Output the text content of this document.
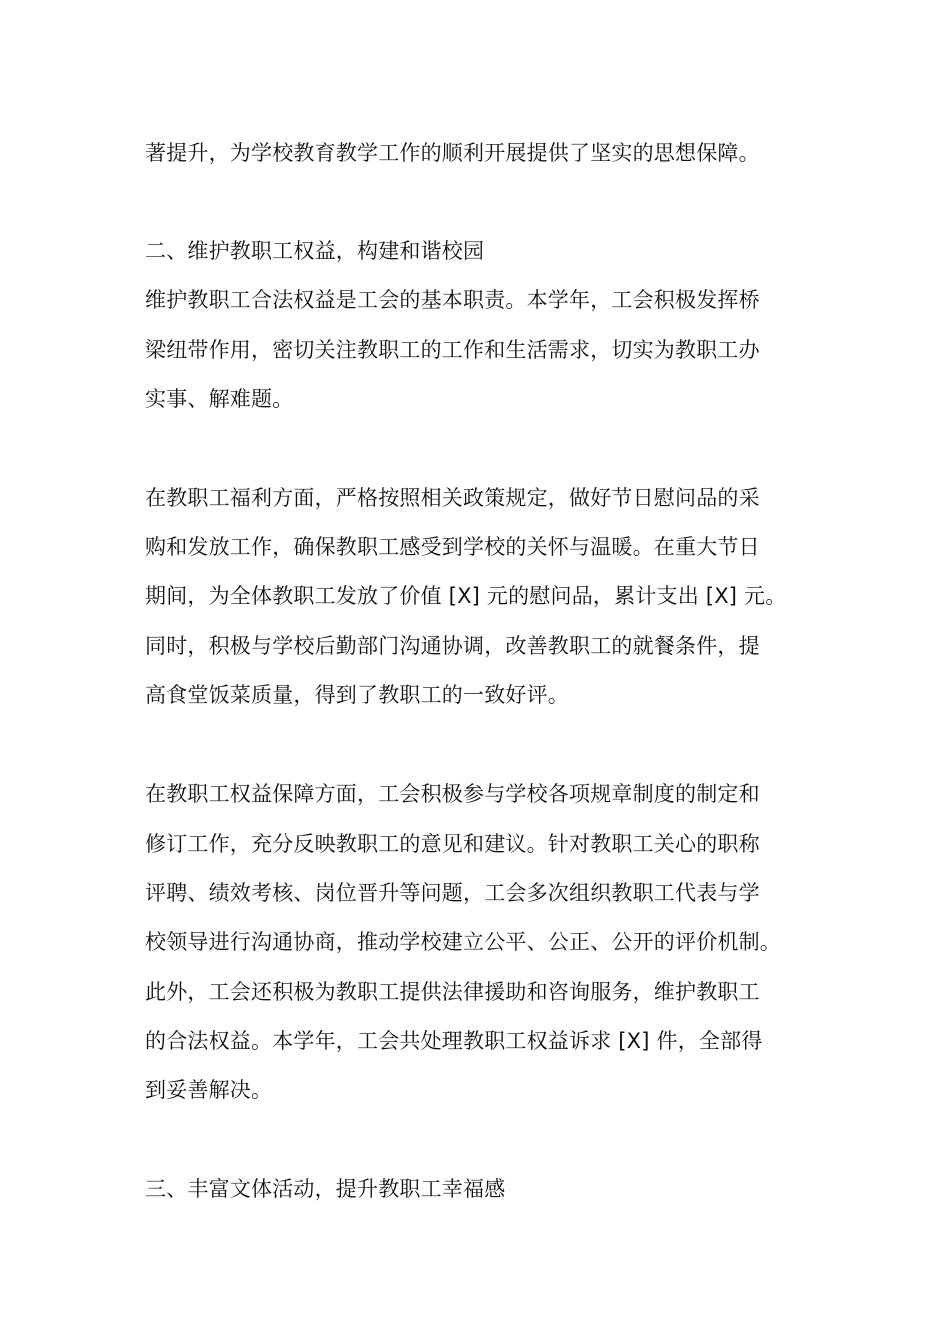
著提升，为学校教育教学工作的顺利开展提供了坚实的思想保障。

二、维护教职工权益，构建和谐校园

维护教职工合法权益是工会的基本职责。本学年，工会积极发挥桥

梁纽带作用，密切关注教职工的工作和生活需求，切实为教职工办

实事、解难题。

在教职工福利方面，严格按照相关政策规定，做好节日慰问品的采

购和发放工作，确保教职工感受到学校的关怀与温暖。在重大节日

期间，为全体教职工发放了价值 [X] 元的慰问品，累计支出 [X] 元。

同时，积极与学校后勤部门沟通协调，改善教职工的就餐条件，提

高食堂饭菜质量，得到了教职工的一致好评。

在教职工权益保障方面，工会积极参与学校各项规章制度的制定和

修订工作，充分反映教职工的意见和建议。针对教职工关心的职称

评聘、绩效考核、岗位晋升等问题，工会多次组织教职工代表与学

校领导进行沟通协商，推动学校建立公平、公正、公开的评价机制。

此外，工会还积极为教职工提供法律援助和咨询服务，维护教职工

的合法权益。本学年，工会共处理教职工权益诉求 [X] 件，全部得

到妥善解决。

三、丰富文体活动，提升教职工幸福感
